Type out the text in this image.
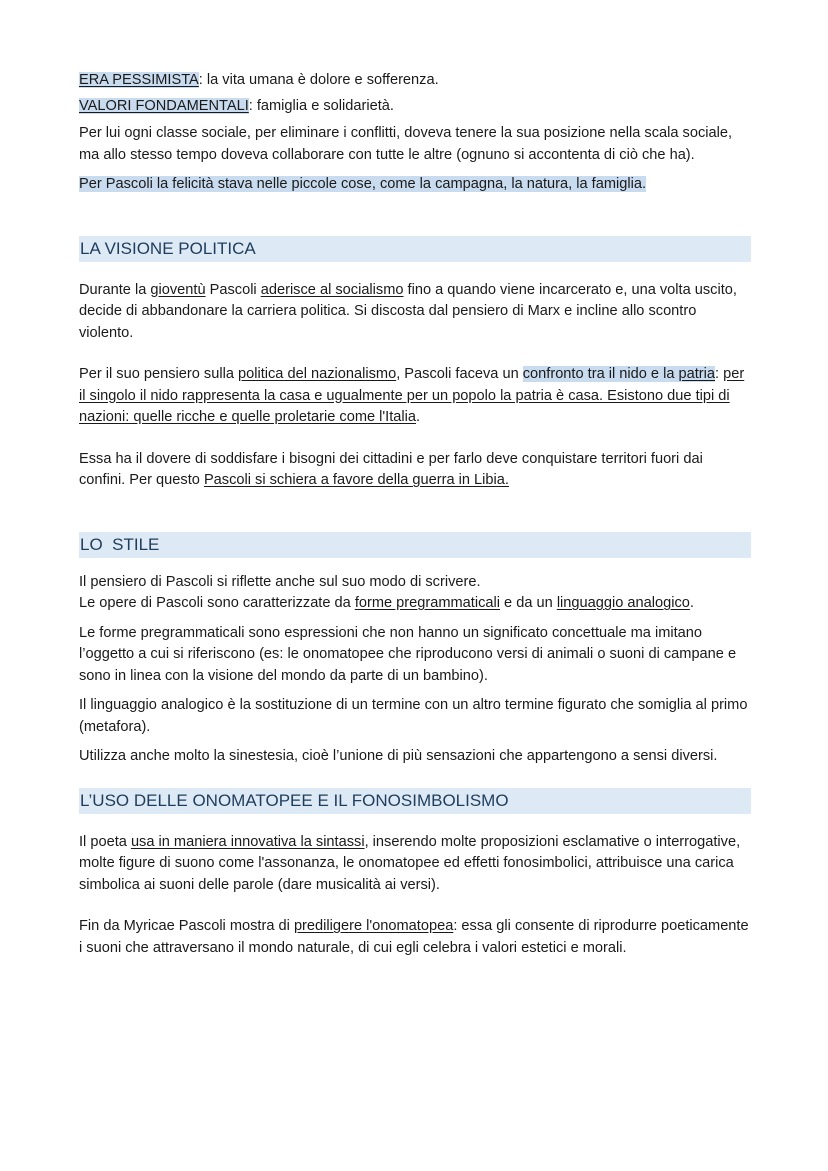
ERA PESSIMISTA: la vita umana è dolore e sofferenza.

VALORI FONDAMENTALI: famiglia e solidarietà.

Per lui ogni classe sociale, per eliminare i conflitti, doveva tenere la sua posizione nella scala sociale, ma allo stesso tempo doveva collaborare con tutte le altre (ognuno si accontenta di ciò che ha).

Per Pascoli la felicità stava nelle piccole cose, come la campagna, la natura, la famiglia.

LA VISIONE POLITICA

Durante la gioventù Pascoli aderisce al socialismo fino a quando viene incarcerato e, una volta uscito, decide di abbandonare la carriera politica. Si discosta dal pensiero di Marx e incline allo scontro violento.

Per il suo pensiero sulla politica del nazionalismo, Pascoli faceva un confronto tra il nido e la patria: per il singolo il nido rappresenta la casa e ugualmente per un popolo la patria è casa. Esistono due tipi di nazioni: quelle ricche e quelle proletarie come l'Italia.

Essa ha il dovere di soddisfare i bisogni dei cittadini e per farlo deve conquistare territori fuori dai confini. Per questo Pascoli si schiera a favore della guerra in Libia.

LO  STILE

Il pensiero di Pascoli si riflette anche sul suo modo di scrivere.
Le opere di Pascoli sono caratterizzate da forme pregrammaticali e da un linguaggio analogico.

Le forme pregrammaticali sono espressioni che non hanno un significato concettuale ma imitano l’oggetto a cui si riferiscono (es: le onomatopee che riproducono versi di animali o suoni di campane e sono in linea con la visione del mondo da parte di un bambino).

Il linguaggio analogico è la sostituzione di un termine con un altro termine figurato che somiglia al primo (metafora).

Utilizza anche molto la sinestesia, cioè l’unione di più sensazioni che appartengono a sensi diversi.

L’USO DELLE ONOMATOPEE E IL FONOSIMBOLISMO

Il poeta usa in maniera innovativa la sintassi, inserendo molte proposizioni esclamative o interrogative, molte figure di suono come l'assonanza, le onomatopee ed effetti fonosimbolici, attribuisce una carica simbolica ai suoni delle parole (dare musicalità ai versi).

Fin da Myricae Pascoli mostra di prediligere l'onomatopea: essa gli consente di riprodurre poeticamente i suoni che attraversano il mondo naturale, di cui egli celebra i valori estetici e morali.
